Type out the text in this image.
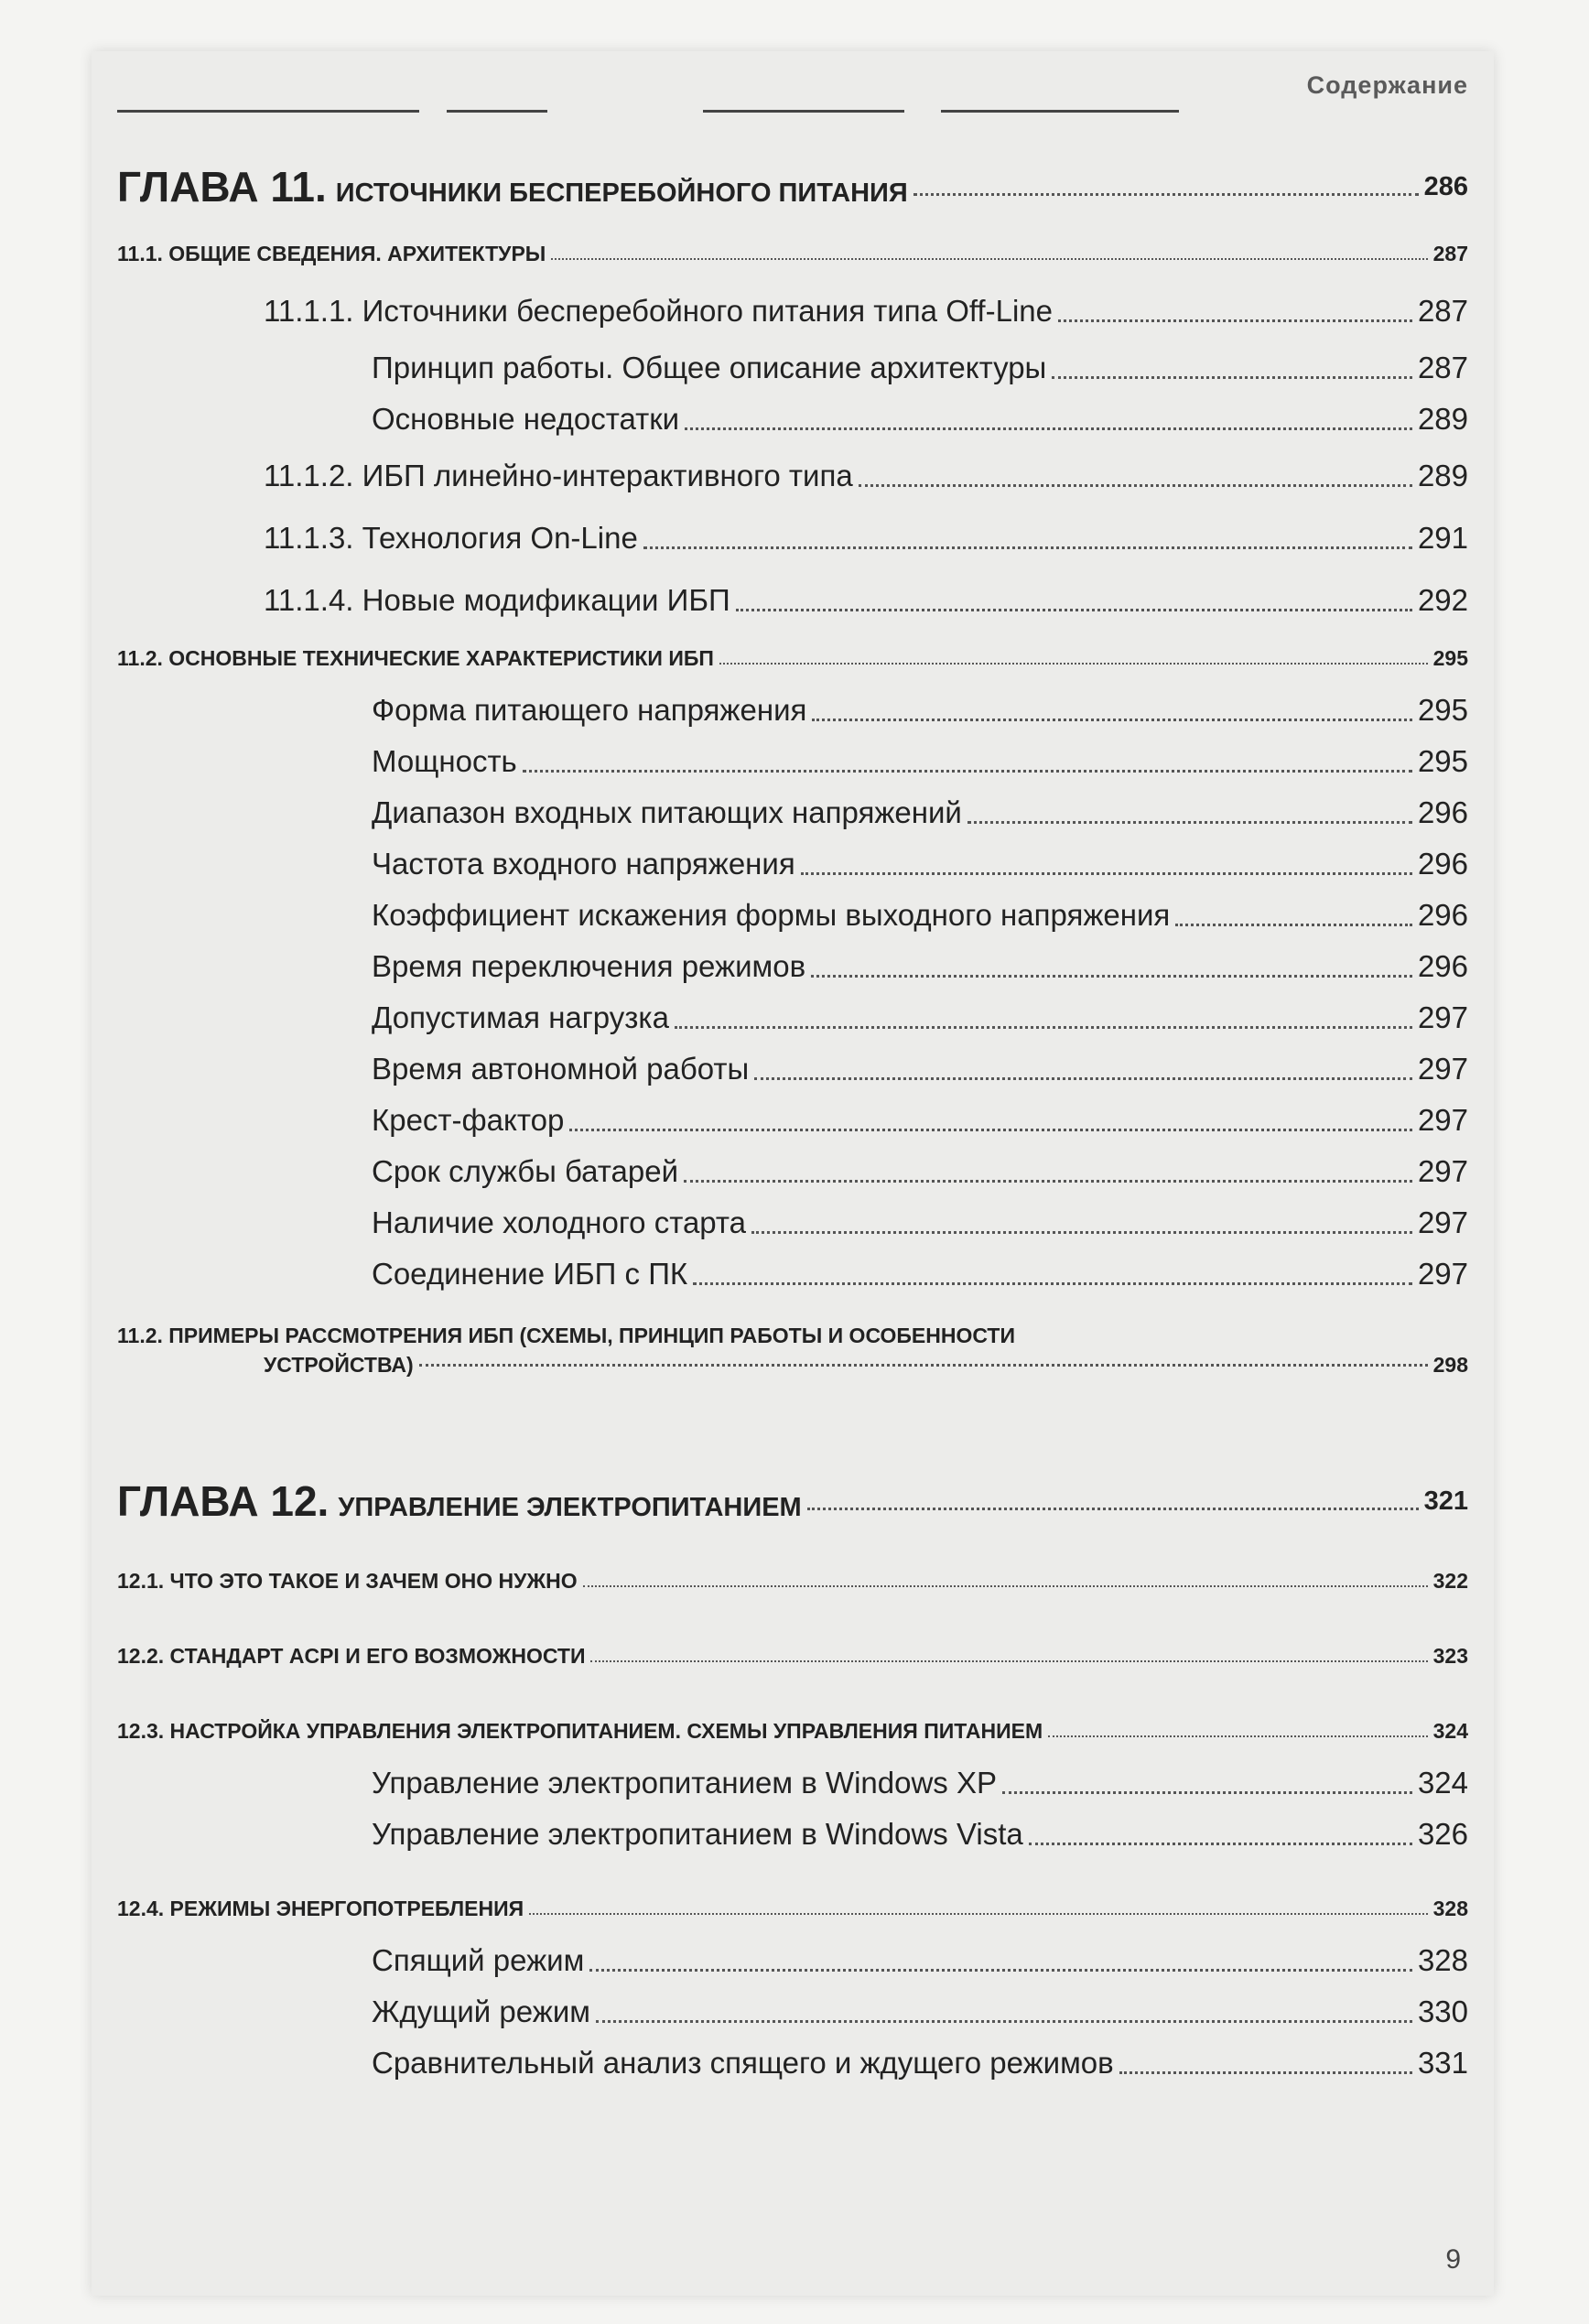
Содержание
ГЛАВА 11. ИСТОЧНИКИ БЕСПЕРЕБОЙНОГО ПИТАНИЯ	286
11.1. ОБЩИЕ СВЕДЕНИЯ. АРХИТЕКТУРЫ	287
11.1.1. Источники бесперебойного питания типа Off-Line	287
Принцип работы. Общее описание архитектуры	287
Основные недостатки	289
11.1.2. ИБП линейно-интерактивного типа	289
11.1.3. Технология On-Line	291
11.1.4. Новые модификации ИБП	292
11.2. ОСНОВНЫЕ ТЕХНИЧЕСКИЕ ХАРАКТЕРИСТИКИ ИБП	295
Форма питающего напряжения	295
Мощность	295
Диапазон входных питающих напряжений	296
Частота входного напряжения	296
Коэффициент искажения формы выходного напряжения	296
Время переключения режимов	296
Допустимая нагрузка	297
Время автономной работы	297
Крест-фактор	297
Срок службы батарей	297
Наличие холодного старта	297
Соединение ИБП с ПК	297
11.2. ПРИМЕРЫ РАССМОТРЕНИЯ ИБП (СХЕМЫ, ПРИНЦИП РАБОТЫ И ОСОБЕННОСТИ
УСТРОЙСТВА)	298
ГЛАВА 12. УПРАВЛЕНИЕ ЭЛЕКТРОПИТАНИЕМ	321
12.1. ЧТО ЭТО ТАКОЕ И ЗАЧЕМ ОНО НУЖНО	322
12.2. СТАНДАРТ ACPI И ЕГО ВОЗМОЖНОСТИ	323
12.3. НАСТРОЙКА УПРАВЛЕНИЯ ЭЛЕКТРОПИТАНИЕМ. СХЕМЫ УПРАВЛЕНИЯ ПИТАНИЕМ	324
Управление электропитанием в Windows XP	324
Управление электропитанием в Windows Vista	326
12.4. РЕЖИМЫ ЭНЕРГОПОТРЕБЛЕНИЯ	328
Спящий режим	328
Ждущий режим	330
Сравнительный анализ спящего и ждущего режимов	331
9
